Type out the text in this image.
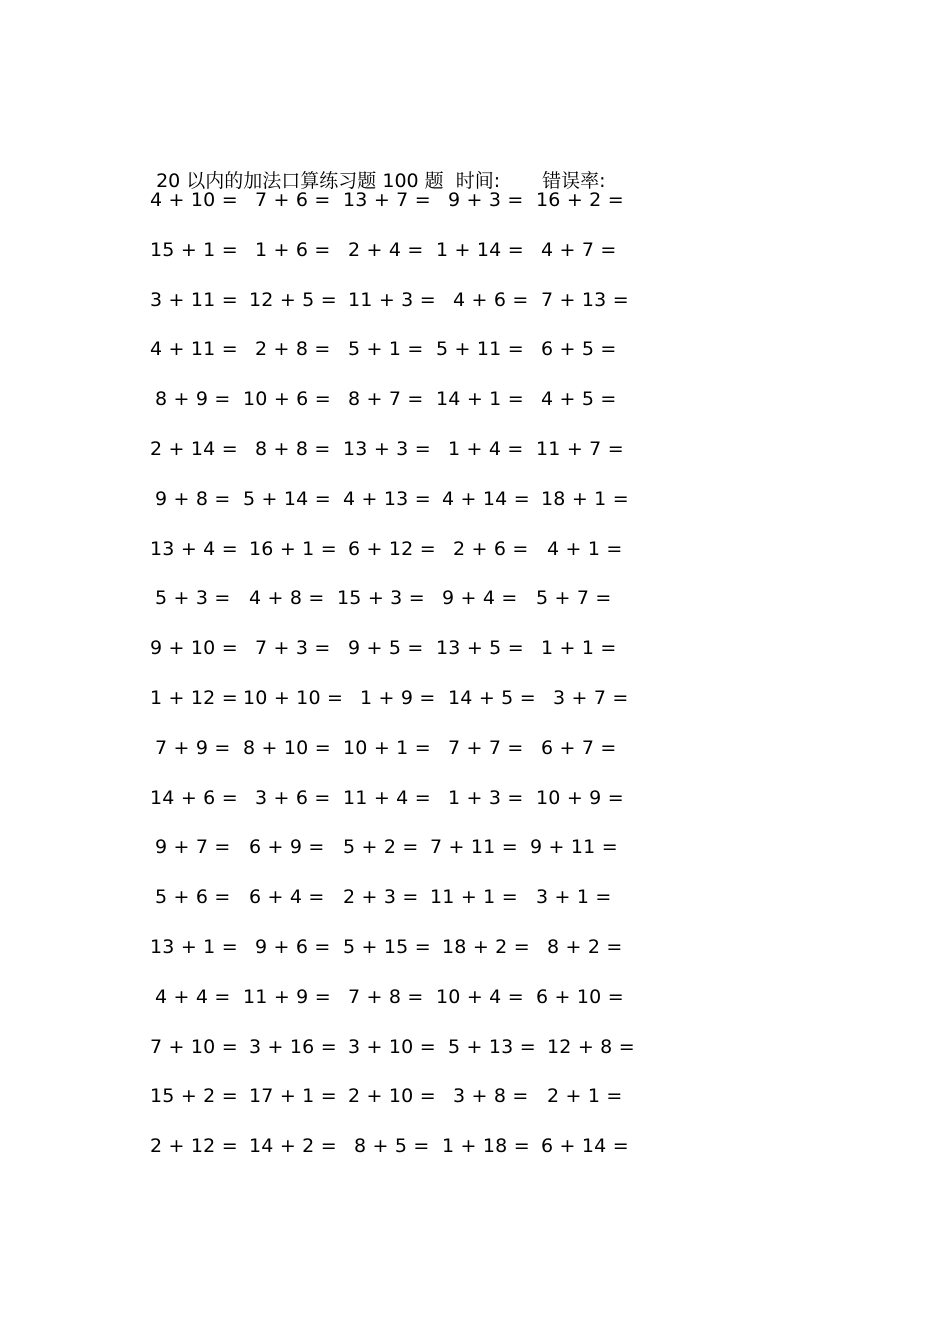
20 以内的加法口算练习题 100 题 时间: 错误率:

4 + 10 = 7 + 6 = 13 + 7 = 9 + 3 = 16 + 2 =
15 + 1 = 1 + 6 = 2 + 4 = 1 + 14 = 4 + 7 =
3 + 11 = 12 + 5 = 11 + 3 = 4 + 6 = 7 + 13 =
4 + 11 = 2 + 8 = 5 + 1 = 5 + 11 = 6 + 5 =
8 + 9 = 10 + 6 = 8 + 7 = 14 + 1 = 4 + 5 =
2 + 14 = 8 + 8 = 13 + 3 = 1 + 4 = 11 + 7 =
9 + 8 = 5 + 14 = 4 + 13 = 4 + 14 = 18 + 1 =
13 + 4 = 16 + 1 = 6 + 12 = 2 + 6 = 4 + 1 =
5 + 3 = 4 + 8 = 15 + 3 = 9 + 4 = 5 + 7 =
9 + 10 = 7 + 3 = 9 + 5 = 13 + 5 = 1 + 1 =
1 + 12 = 10 + 10 = 1 + 9 = 14 + 5 = 3 + 7 =
7 + 9 = 8 + 10 = 10 + 1 = 7 + 7 = 6 + 7 =
14 + 6 = 3 + 6 = 11 + 4 = 1 + 3 = 10 + 9 =
9 + 7 = 6 + 9 = 5 + 2 = 7 + 11 = 9 + 11 =
5 + 6 = 6 + 4 = 2 + 3 = 11 + 1 = 3 + 1 =
13 + 1 = 9 + 6 = 5 + 15 = 18 + 2 = 8 + 2 =
4 + 4 = 11 + 9 = 7 + 8 = 10 + 4 = 6 + 10 =
7 + 10 = 3 + 16 = 3 + 10 = 5 + 13 = 12 + 8 =
15 + 2 = 17 + 1 = 2 + 10 = 3 + 8 = 2 + 1 =
2 + 12 = 14 + 2 = 8 + 5 = 1 + 18 = 6 + 14 =
